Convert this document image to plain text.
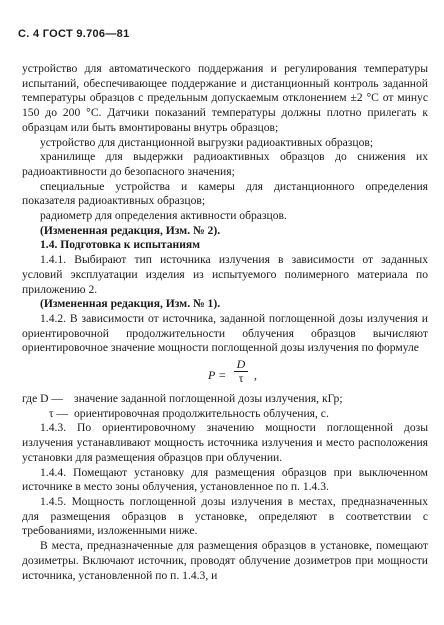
С. 4 ГОСТ 9.706—81

устройство для автоматического поддержания и регулирования температуры испытаний, обеспечивающее поддержание и дистанционный контроль заданной температуры образцов с предельным допускаемым отклонением ±2 °С от минус 150 до 200 °С. Датчики показаний температуры должны плотно прилегать к образцам или быть вмонтированы внутрь образцов;

устройство для дистанционной выгрузки радиоактивных образцов;

хранилище для выдержки радиоактивных образцов до снижения их радиоактивности до безопасного значения;

специальные устройства и камеры для дистанционного определения показателя радиоактивных образцов;

радиометр для определения активности образцов.

(Измененная редакция, Изм. № 2).

1.4. Подготовка к испытаниям

1.4.1. Выбирают тип источника излучения в зависимости от заданных условий эксплуатации изделия из испытуемого полимерного материала по приложению 2.

(Измененная редакция, Изм. № 1).

1.4.2. В зависимости от источника, заданной поглощенной дозы излучения и ориентировочной продолжительности облучения образцов вычисляют ориентировочное значение мощности поглощенной дозы излучения по формуле

$P = \frac{D}{\tau}$ ,
где D — значение заданной поглощенной дозы излучения, кГр;
τ — ориентировочная продолжительность облучения, с.

1.4.3. По ориентировочному значению мощности поглощенной дозы излучения устанавливают мощность источника излучения и место расположения установки для размещения образцов при облучении.

1.4.4. Помещают установку для размещения образцов при выключенном источнике в место зоны облучения, установленное по п. 1.4.3.

1.4.5. Мощность поглощенной дозы излучения в местах, предназначенных для размещения образцов в установке, определяют в соответствии с требованиями, изложенными ниже.

В места, предназначенные для размещения образцов в установке, помещают дозиметры. Включают источник, проводят облучение дозиметров при мощности источника, установленной по п. 1.4.3, и
